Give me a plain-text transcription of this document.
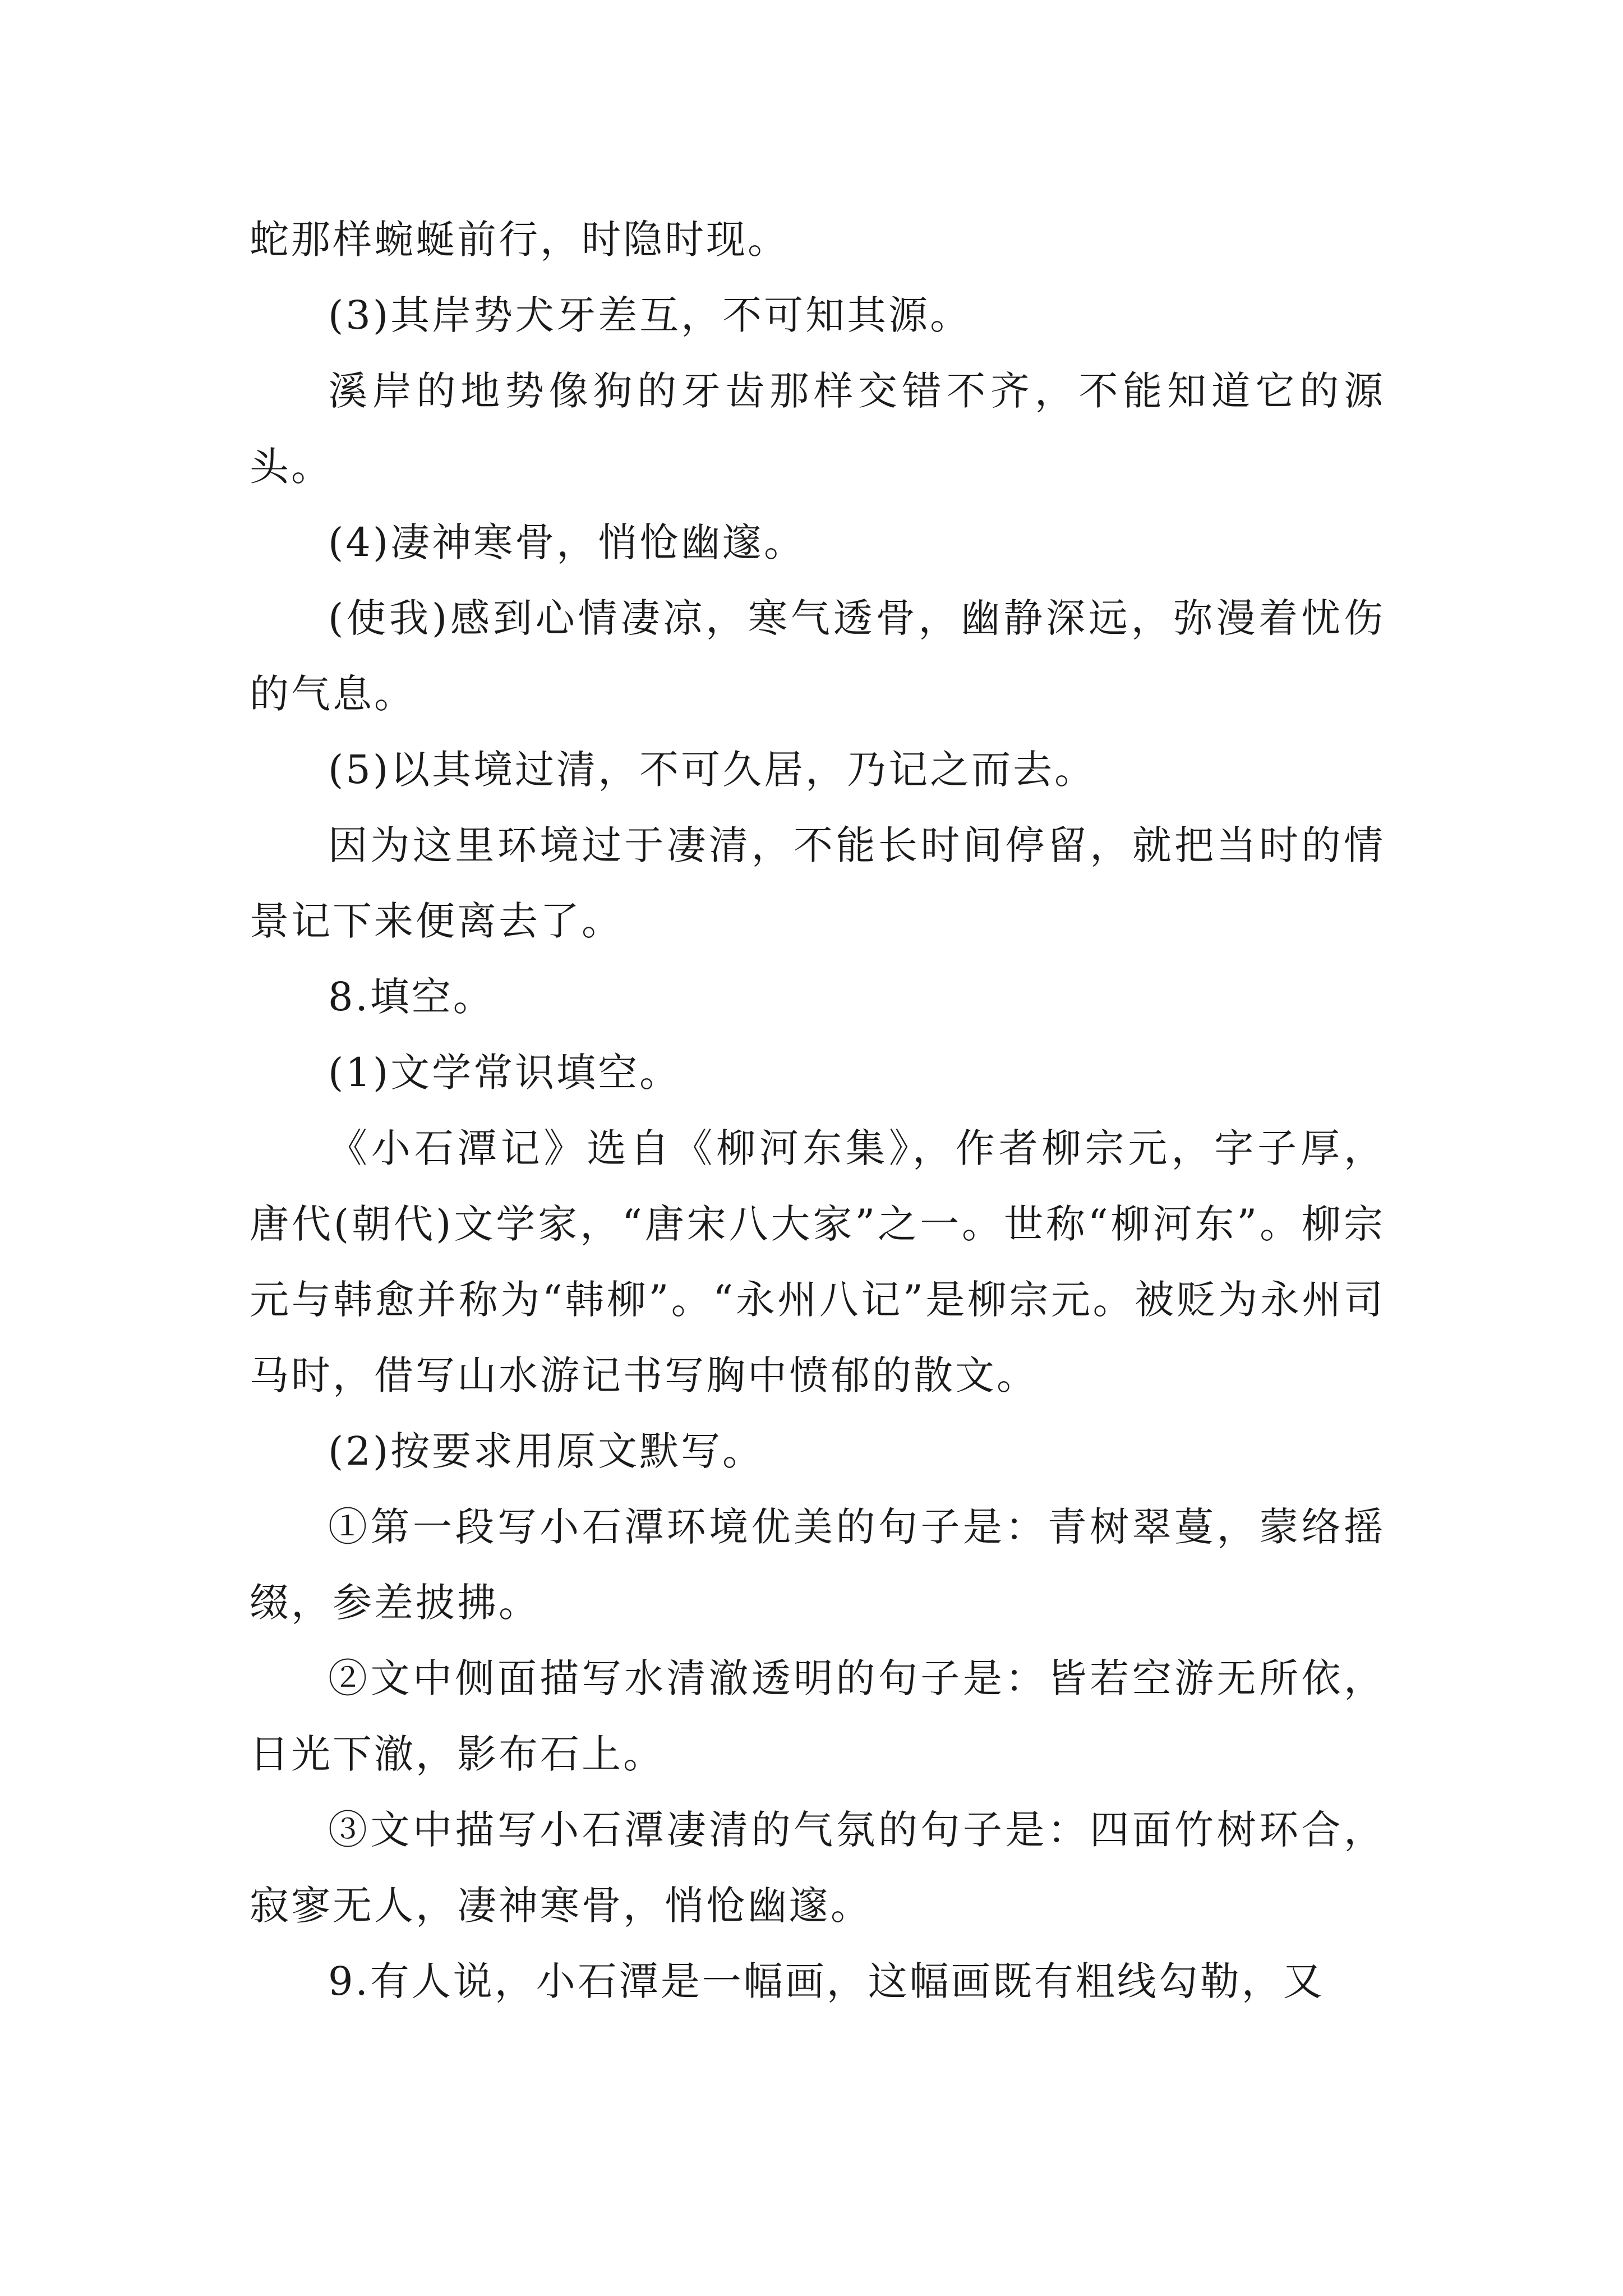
蛇那样蜿蜒前行，时隐时现。

(3)其岸势犬牙差互，不可知其源。

溪岸的地势像狗的牙齿那样交错不齐，不能知道它的源头。

(4)凄神寒骨，悄怆幽邃。

(使我)感到心情凄凉，寒气透骨，幽静深远，弥漫着忧伤的气息。

(5)以其境过清，不可久居，乃记之而去。

因为这里环境过于凄清，不能长时间停留，就把当时的情景记下来便离去了。

8.填空。

(1)文学常识填空。

《小石潭记》选自《柳河东集》，作者柳宗元，字子厚，唐代(朝代)文学家，“唐宋八大家”之一。世称“柳河东”。柳宗元与韩愈并称为“韩柳”。“永州八记”是柳宗元。被贬为永州司马时，借写山水游记书写胸中愤郁的散文。

(2)按要求用原文默写。

①第一段写小石潭环境优美的句子是：青树翠蔓，蒙络摇缀，参差披拂。

②文中侧面描写水清澈透明的句子是：皆若空游无所依，日光下澈，影布石上。

③文中描写小石潭凄清的气氛的句子是：四面竹树环合，寂寥无人，凄神寒骨，悄怆幽邃。

9.有人说，小石潭是一幅画，这幅画既有粗线勾勒，又
